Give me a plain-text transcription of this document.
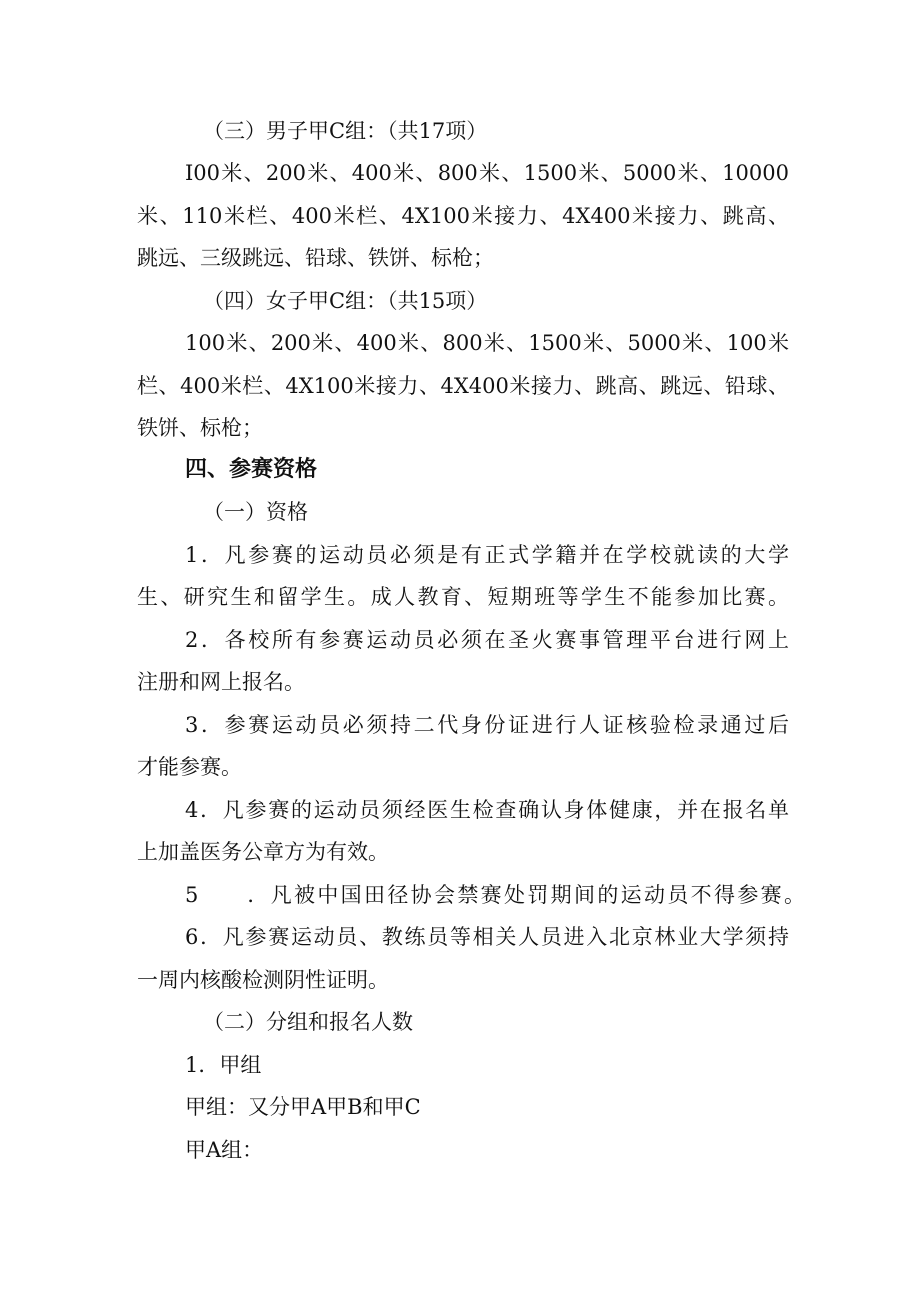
（三）男子甲C组：（共17项）
I00米、200米、400米、800米、1500米、5000米、10000
米、110米栏、400米栏、4X100米接力、4X400米接力、跳高、
跳远、三级跳远、铅球、铁饼、标枪；
（四）女子甲C组：（共15项）
100米、200米、400米、800米、1500米、5000米、100米
栏、400米栏、4X100米接力、4X400米接力、跳高、跳远、铅球、
铁饼、标枪；
四、参赛资格
（一）资格
1．凡参赛的运动员必须是有正式学籍并在学校就读的大学
生、研究生和留学生。成人教育、短期班等学生不能参加比赛。
2．各校所有参赛运动员必须在圣火赛事管理平台进行网上
注册和网上报名。
3．参赛运动员必须持二代身份证进行人证核验检录通过后
才能参赛。
4．凡参赛的运动员须经医生检查确认身体健康，并在报名单
上加盖医务公章方为有效。
5　　．凡被中国田径协会禁赛处罚期间的运动员不得参赛。
6．凡参赛运动员、教练员等相关人员进入北京林业大学须持
一周内核酸检测阴性证明。
（二）分组和报名人数
1．甲组
甲组：又分甲A甲B和甲C
甲A组：
